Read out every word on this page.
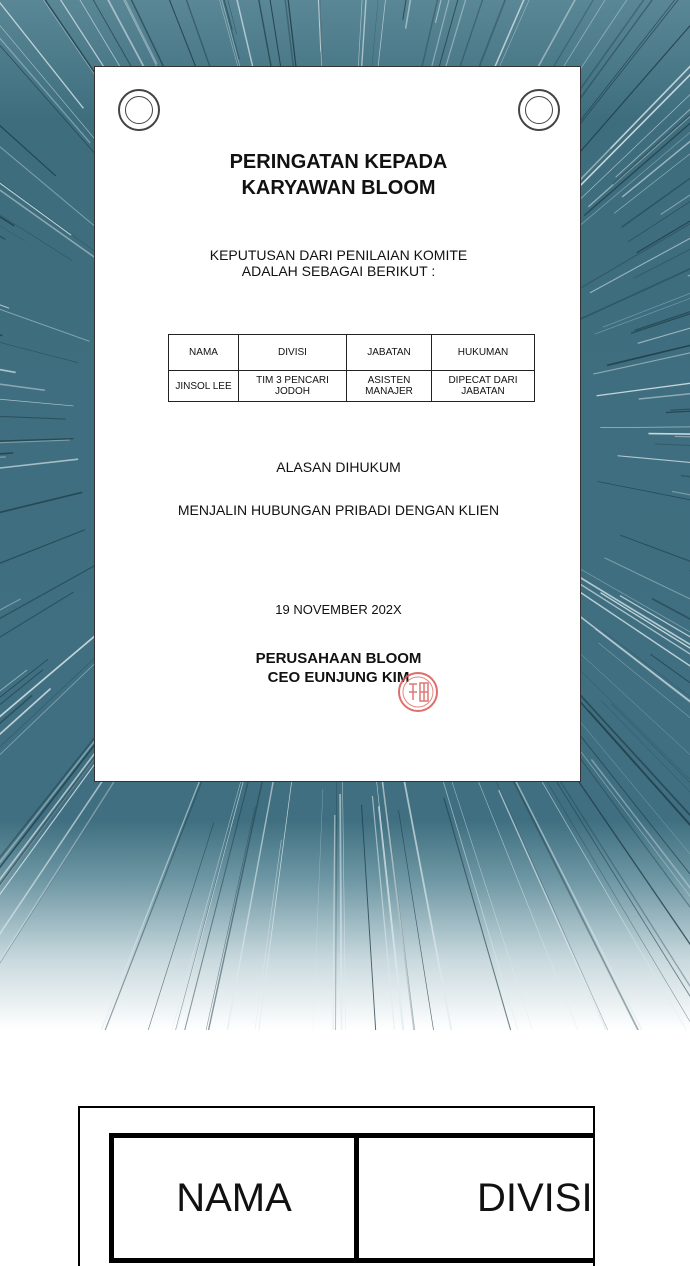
PERINGATAN KEPADA
KARYAWAN BLOOM
KEPUTUSAN DARI PENILAIAN KOMITE
ADALAH SEBAGAI BERIKUT :
NAMA	DIVISI	JABATAN	HUKUMAN
JINSOL LEE	TIM 3 PENCARI JODOH	ASISTEN MANAJER	DIPECAT DARI JABATAN
ALASAN DIHUKUM
MENJALIN HUBUNGAN PRIBADI DENGAN KLIEN
19 NOVEMBER 202X
PERUSAHAAN BLOOM
CEO EUNJUNG KIM
NAMA	DIVISI
